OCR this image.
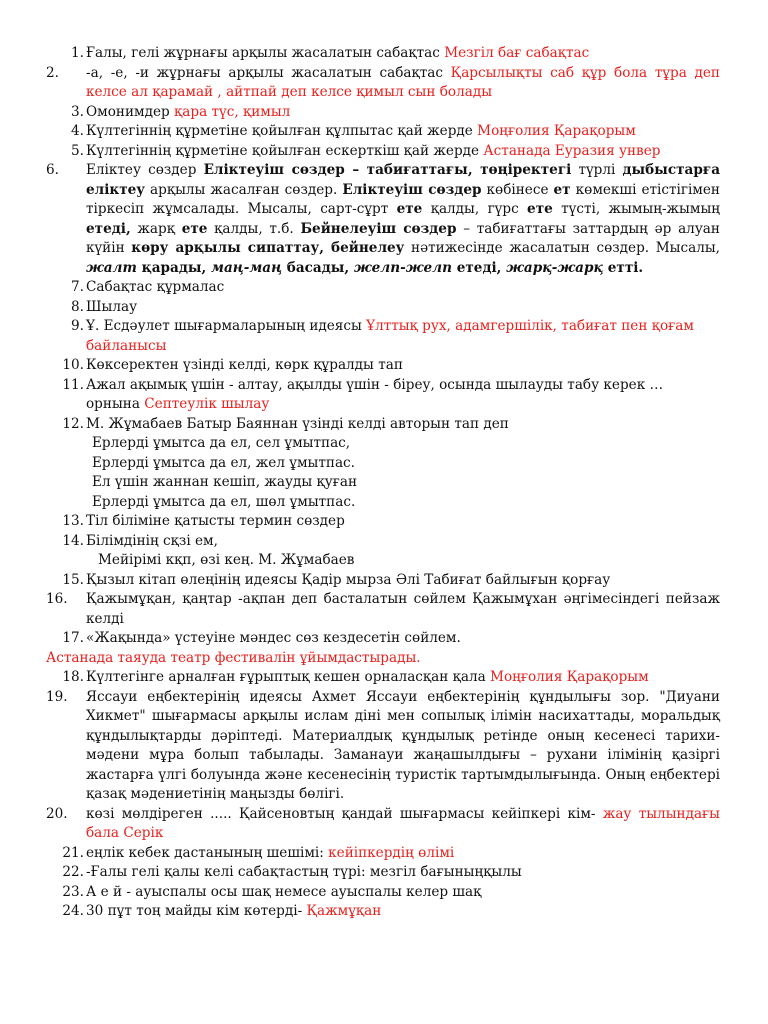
1. Ғалы, гелі жұрнағы арқылы жасалатын сабақтас Мезгіл бағ сабақтас
2.	-а, -е, -и жұрнағы арқылы жасалатын сабақтас Қарсылықты саб құр бола тұра деп келсе ал қарамай , айтпай деп келсе қимыл сын болады
3. Омонимдер қара түс, қимыл
4. Күлтегіннің құрметіне қойылған құлпытас қай жерде Моңғолия Қарақорым
5. Күлтегіннің құрметіне қойылған ескерткіш қай жерде Астанада Еуразия унвер
6.	Еліктеу сөздер Еліктеуіш сөздер – табиғаттағы, төңіректегі түрлі дыбыстарға еліктеу арқылы жасалған сөздер. Еліктеуіш сөздер көбінесе ет көмекші етістігімен тіркесіп жұмсалады. Мысалы, сарт-сұрт ете қалды, гүрс ете түсті, жымың-жымың етеді, жарқ ете қалды, т.б. Бейнелеуіш сөздер – табиғаттағы заттардың әр алуан күйін көру арқылы сипаттау, бейнелеу нәтижесінде жасалатын сөздер. Мысалы, жалт қарады, маң-маң басады, желп-желп етеді, жарқ-жарқ етті.
7. Сабақтас құрмалас
8. Шылау
9. Ұ. Есдәулет шығармаларының идеясы Ұлттық рух, адамгершілік, табиғат пен қоғам байланысы
10. Көксеректен үзінді келді, көрк құралды тап
11. Ажал ақымық үшін - алтау, ақылды үшін - біреу, осында шылауды табу керек … орнына Септеулік шылау
12. М. Жұмабаев Батыр Баяннан үзінді келді авторын тап деп
Ерлерді ұмытса да ел, сел ұмытпас,
Ерлерді ұмытса да ел, жел ұмытпас.
Ел үшін жаннан кешіп, жауды қуған
Ерлерді ұмытса да ел, шөл ұмытпас.
13. Тіл біліміне қатысты термин сөздер
14. Білімдінің сқзі ем,
Мейірімі кқп, өзі кең. М. Жұмабаев
15. Қызыл кітап өлеңінің идеясы Қадір мырза Әлі Табиғат байлығын қорғау
16.	Қажымұқан, қаңтар -ақпан деп басталатын сөйлем Қажымұхан әңгімесіндегі пейзаж келді
17. «Жақында» үстеуіне мәндес сөз кездесетін сөйлем.
Астанада таяуда театр фестивалін ұйымдастырады.
18. Күлтегінге арналған ғұрыптық кешен орналасқан қала Моңғолия Қарақорым
19.	Яссауи еңбектерінің идеясы Ахмет Яссауи еңбектерінің құндылығы зор. "Диуани Хикмет" шығармасы арқылы ислам діні мен сопылық ілімін насихаттады, моральдық құндылықтарды дәріптеді. Материалдық құндылық ретінде оның кесенесі тарихи-мәдени мұра болып табылады. Заманауи жаңашылдығы – рухани ілімінің қазіргі жастарға үлгі болуында және кесенесінің туристік тартымдылығында. Оның еңбектері қазақ мәдениетінің маңызды бөлігі.
20.	көзі мөлдіреген ..... Қайсеновтың қандай шығармасы кейіпкері кім- жау тылындағы бала Серік
21. еңлік кебек дастанының шешімі: кейіпкердің өлімі
22. -Ғалы гелі қалы келі сабақтастың түрі: мезгіл бағыныңқылы
23. А е й - ауыспалы осы шақ немесе ауыспалы келер шақ
24. 30 пұт тоң майды кім көтерді- Қажмұқан
